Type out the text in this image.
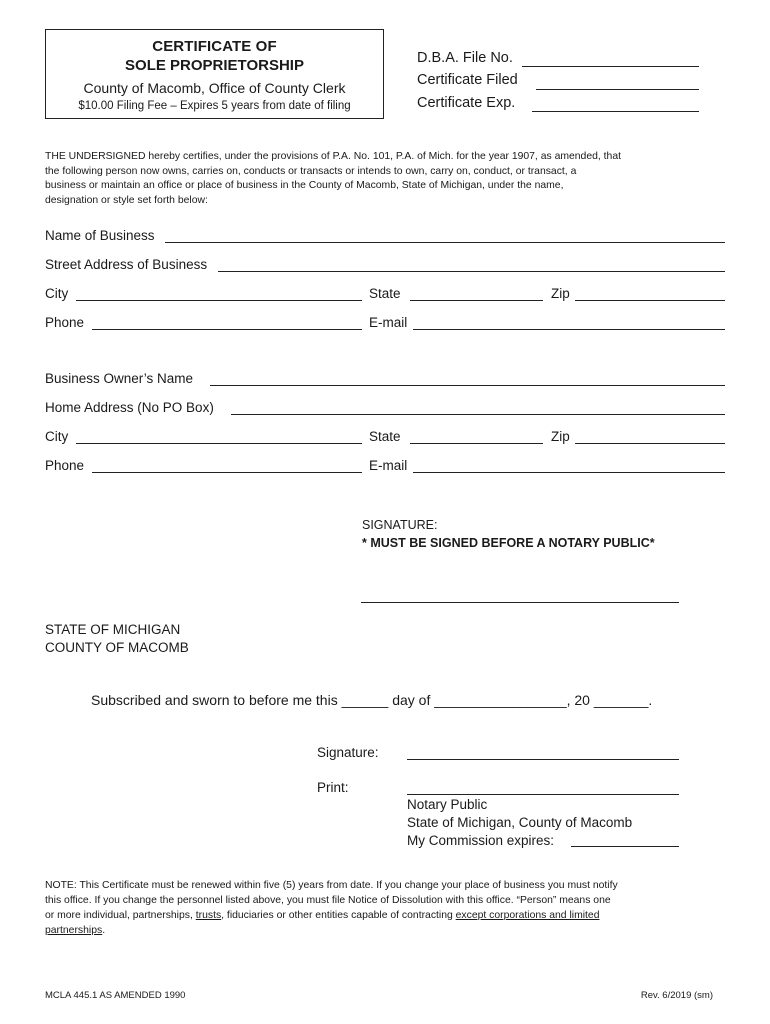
CERTIFICATE OF
SOLE PROPRIETORSHIP
County of Macomb, Office of County Clerk
$10.00 Filing Fee – Expires 5 years from date of filing
D.B.A. File No.
Certificate Filed
Certificate Exp.

THE UNDERSIGNED hereby certifies, under the provisions of P.A. No. 101, P.A. of Mich. for the year 1907, as amended, that

the following person now owns, carries on, conducts or transacts or intends to own, carry on, conduct, or transact, a

business or maintain an office or place of business in the County of Macomb, State of Michigan, under the name,

designation or style set forth below:

Name of Business
Street Address of Business
City	State	Zip
Phone	E-mail
Business Owner’s Name
Home Address (No PO Box)
City	State	Zip
Phone	E-mail
SIGNATURE:
* MUST BE SIGNED BEFORE A NOTARY PUBLIC*
STATE OF MICHIGAN
COUNTY OF MACOMB
Subscribed and sworn to before me this ______ day of _________________, 20 _______.
Signature:
Print:
Notary Public
State of Michigan, County of Macomb
My Commission expires:

NOTE: This Certificate must be renewed within five (5) years from date. If you change your place of business you must notify

this office. If you change the personnel listed above, you must file Notice of Dissolution with this office. “Person” means one

or more individual, partnerships, trusts, fiduciaries or other entities capable of contracting except corporations and limited

partnerships.

MCLA 445.1 AS AMENDED 1990	Rev. 6/2019 (sm)
